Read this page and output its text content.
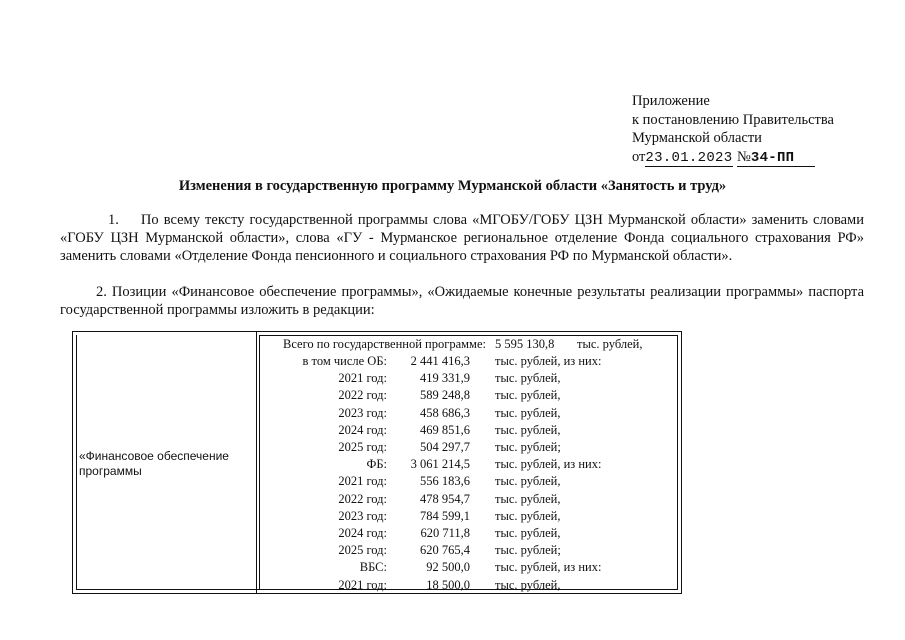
Приложение
к постановлению Правительства
Мурманской области
от23.01.2023 №34-ПП
Изменения в государственную программу Мурманской области «Занятость и труд»
1. По всему тексту государственной программы слова «МГОБУ/ГОБУ ЦЗН Мурманской области» заменить словами «ГОБУ ЦЗН Мурманской области», слова «ГУ - Мурманское региональное отделение Фонда социального страхования РФ» заменить словами «Отделение Фонда пенсионного и социального страхования РФ по Мурманской области».
2. Позиции «Финансовое обеспечение программы», «Ожидаемые конечные результаты реализации программы» паспорта государственной программы изложить в редакции:
«Финансовое обеспечение программы
Всего по государственной программе: 5 595 130,8 тыс. рублей,
в том числе ОБ: 2 441 416,3 тыс. рублей, из них:
2021 год:	419 331,9 тыс. рублей,
2022 год:	589 248,8 тыс. рублей,
2023 год:	458 686,3 тыс. рублей,
2024 год:	469 851,6 тыс. рублей,
2025 год:	504 297,7 тыс. рублей;
ФБ: 3 061 214,5 тыс. рублей, из них:
2021 год:	556 183,6 тыс. рублей,
2022 год:	478 954,7 тыс. рублей,
2023 год:	784 599,1 тыс. рублей,
2024 год:	620 711,8 тыс. рублей,
2025 год:	620 765,4 тыс. рублей;
ВБС:	92 500,0 тыс. рублей, из них:
2021 год:	18 500,0 тыс. рублей,
